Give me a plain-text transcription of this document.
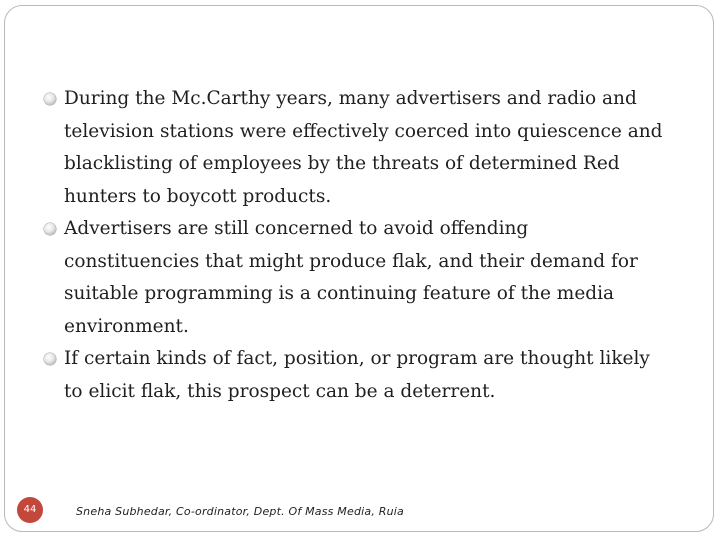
During the Mc.Carthy years, many advertisers and radio and television stations were effectively coerced into quiescence and blacklisting of employees by the threats of determined Red hunters to boycott products.
Advertisers are still concerned to avoid offending constituencies that might produce flak, and their demand for suitable programming is a continuing feature of the media environment.
If certain kinds of fact, position, or program are thought likely to elicit flak, this prospect can be a deterrent.
44	Sneha Subhedar, Co-ordinator, Dept. Of Mass Media, Ruia
